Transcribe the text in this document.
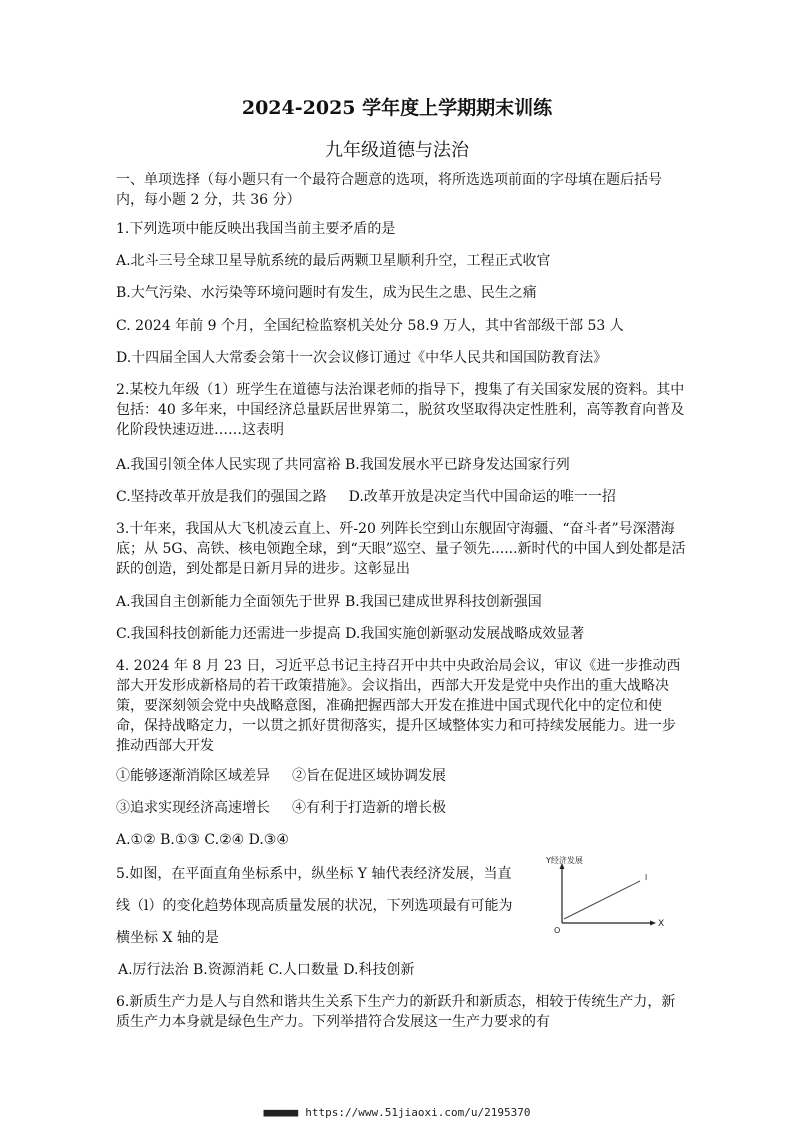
2024-2025 学年度上学期期末训练
九年级道德与法治
一、单项选择（每小题只有一个最符合题意的选项，将所选选项前面的字母填在题后括号内，每小题 2 分，共 36 分）
1.下列选项中能反映出我国当前主要矛盾的是
A.北斗三号全球卫星导航系统的最后两颗卫星顺利升空，工程正式收官
B.大气污染、水污染等环境问题时有发生，成为民生之患、民生之痛
C. 2024 年前 9 个月，全国纪检监察机关处分 58.9 万人，其中省部级干部 53 人
D.十四届全国人大常委会第十一次会议修订通过《中华人民共和国国防教育法》
2.某校九年级（1）班学生在道德与法治课老师的指导下，搜集了有关国家发展的资料。其中包括：40 多年来，中国经济总量跃居世界第二，脱贫攻坚取得决定性胜利，高等教育向普及化阶段快速迈进……这表明
A.我国引领全体人民实现了共同富裕 B.我国发展水平已跻身发达国家行列
C.坚持改革开放是我们的强国之路 D.改革开放是决定当代中国命运的唯一一招
3.十年来，我国从大飞机凌云直上、歼-20 列阵长空到山东舰固守海疆、“奋斗者”号深潜海底；从 5G、高铁、核电领跑全球，到“天眼”巡空、量子领先......新时代的中国人到处都是活跃的创造，到处都是日新月异的进步。这彰显出
A.我国自主创新能力全面领先于世界 B.我国已建成世界科技创新强国
C.我国科技创新能力还需进一步提高 D.我国实施创新驱动发展战略成效显著
4. 2024 年 8 月 23 日，习近平总书记主持召开中共中央政治局会议，审议《进一步推动西部大开发形成新格局的若干政策措施》。会议指出，西部大开发是党中央作出的重大战略决策，要深刻领会党中央战略意图，准确把握西部大开发在推进中国式现代化中的定位和使命，保持战略定力，一以贯之抓好贯彻落实，提升区域整体实力和可持续发展能力。进一步推动西部大开发
①能够逐渐消除区域差异 ②旨在促进区域协调发展
③追求实现经济高速增长 ④有利于打造新的增长极
A.①② B.①③ C.②④ D.③④
5.如图，在平面直角坐标系中，纵坐标 Y 轴代表经济发展，当直
线（l）的变化趋势体现高质量发展的状况，下列选项最有可能为
横坐标 X 轴的是
A.厉行法治 B.资源消耗 C.人口数量 D.科技创新
Y经济发展
X
O
l
6.新质生产力是人与自然和谐共生关系下生产力的新跃升和新质态，相较于传统生产力，新质生产力本身就是绿色生产力。下列举措符合发展这一生产力要求的有
■■■■■■ https://www.51jiaoxi.com/u/2195370
